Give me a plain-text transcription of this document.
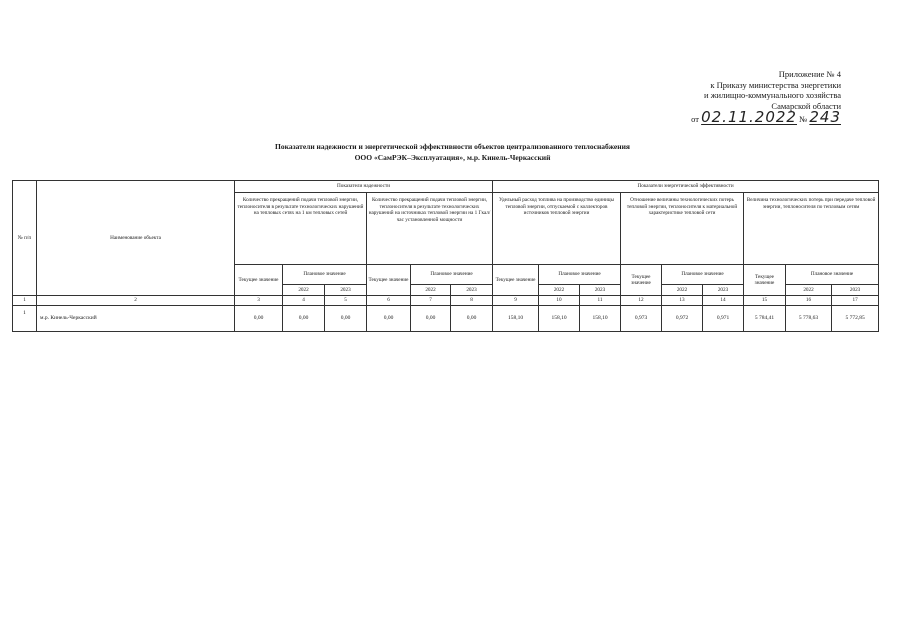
Приложение № 4
к Приказу министерства энергетики
и жилищно-коммунального хозяйства
Самарской области
от 02.11.2022 № 243
Показатели надежности и энергетической эффективности объектов централизованного теплоснабжения
ООО «СамРЭК–Эксплуатация», м.р. Кинель-Черкасский
№ п/п	Наименование объекта	Показатели надежности						Показатели энергетической эффективности								
		Количество прекращений подачи тепловой энергии, теплоносителя в результате технологических нарушений на тепловых сетях на 1 км тепловых сетей			Количество прекращений подачи тепловой энергии, теплоносителя в результате технологических нарушений на источниках тепловой энергии на 1 Гкал/час установленной мощности			Удельный расход топлива на производство единицы тепловой энергии, отпускаемой с коллекторов источников тепловой энергии			Отношение величины технологических потерь тепловой энергии, теплоносителя к материальной характеристике тепловой сети			Величина технологических потерь при передаче тепловой энергии, теплоносителя по тепловым сетям		
		Текущее значение	Плановое значение		Текущее значение	Плановое значение		Текущее значение	Плановое значение		Текущее значение	Плановое значение		Текущее значение	Плановое значение	
			2022	2023		2022	2023		2022	2023		2022	2023		2022	2023
1	2	3	4	5	6	7	8	9	10	11	12	13	14	15	16	17
1	м.р. Кинель-Черкасский	0,00	0,00	0,00	0,00	0,00	0,00	158,10	158,10	158,10	0,973	0,972	0,971	5 784,41	5 778,63	5 772,85
